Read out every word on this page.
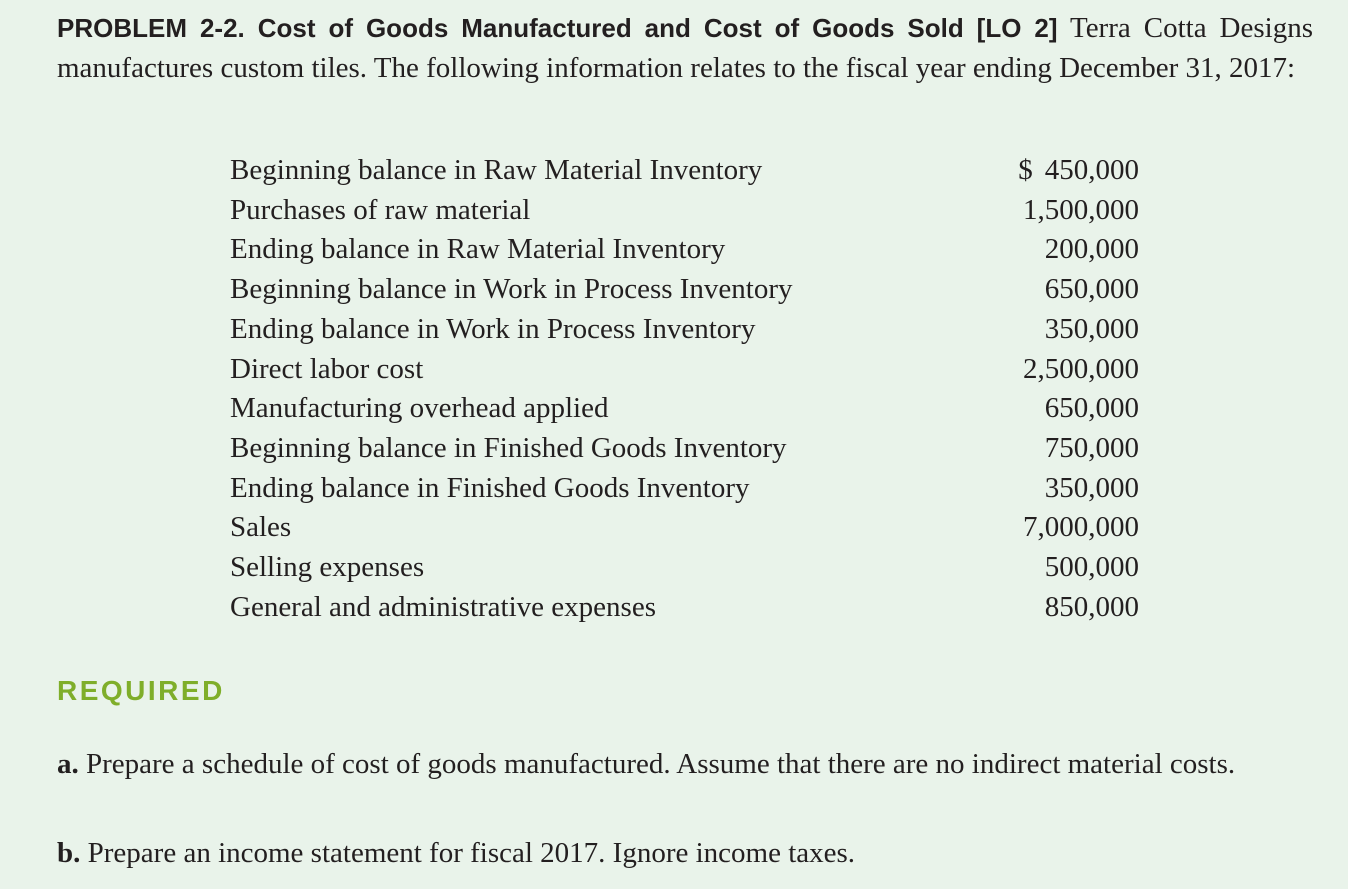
PROBLEM 2-2. Cost of Goods Manufactured and Cost of Goods Sold [LO 2] Terra Cotta Designs manufactures custom tiles. The following information relates to the fiscal year ending December 31, 2017:

Beginning balance in Raw Material Inventory	$ 450,000
Purchases of raw material	1,500,000
Ending balance in Raw Material Inventory	200,000
Beginning balance in Work in Process Inventory	650,000
Ending balance in Work in Process Inventory	350,000
Direct labor cost	2,500,000
Manufacturing overhead applied	650,000
Beginning balance in Finished Goods Inventory	750,000
Ending balance in Finished Goods Inventory	350,000
Sales	7,000,000
Selling expenses	500,000
General and administrative expenses	850,000
REQUIRED

a. Prepare a schedule of cost of goods manufactured. Assume that there are no indirect material costs.

b. Prepare an income statement for fiscal 2017. Ignore income taxes.
